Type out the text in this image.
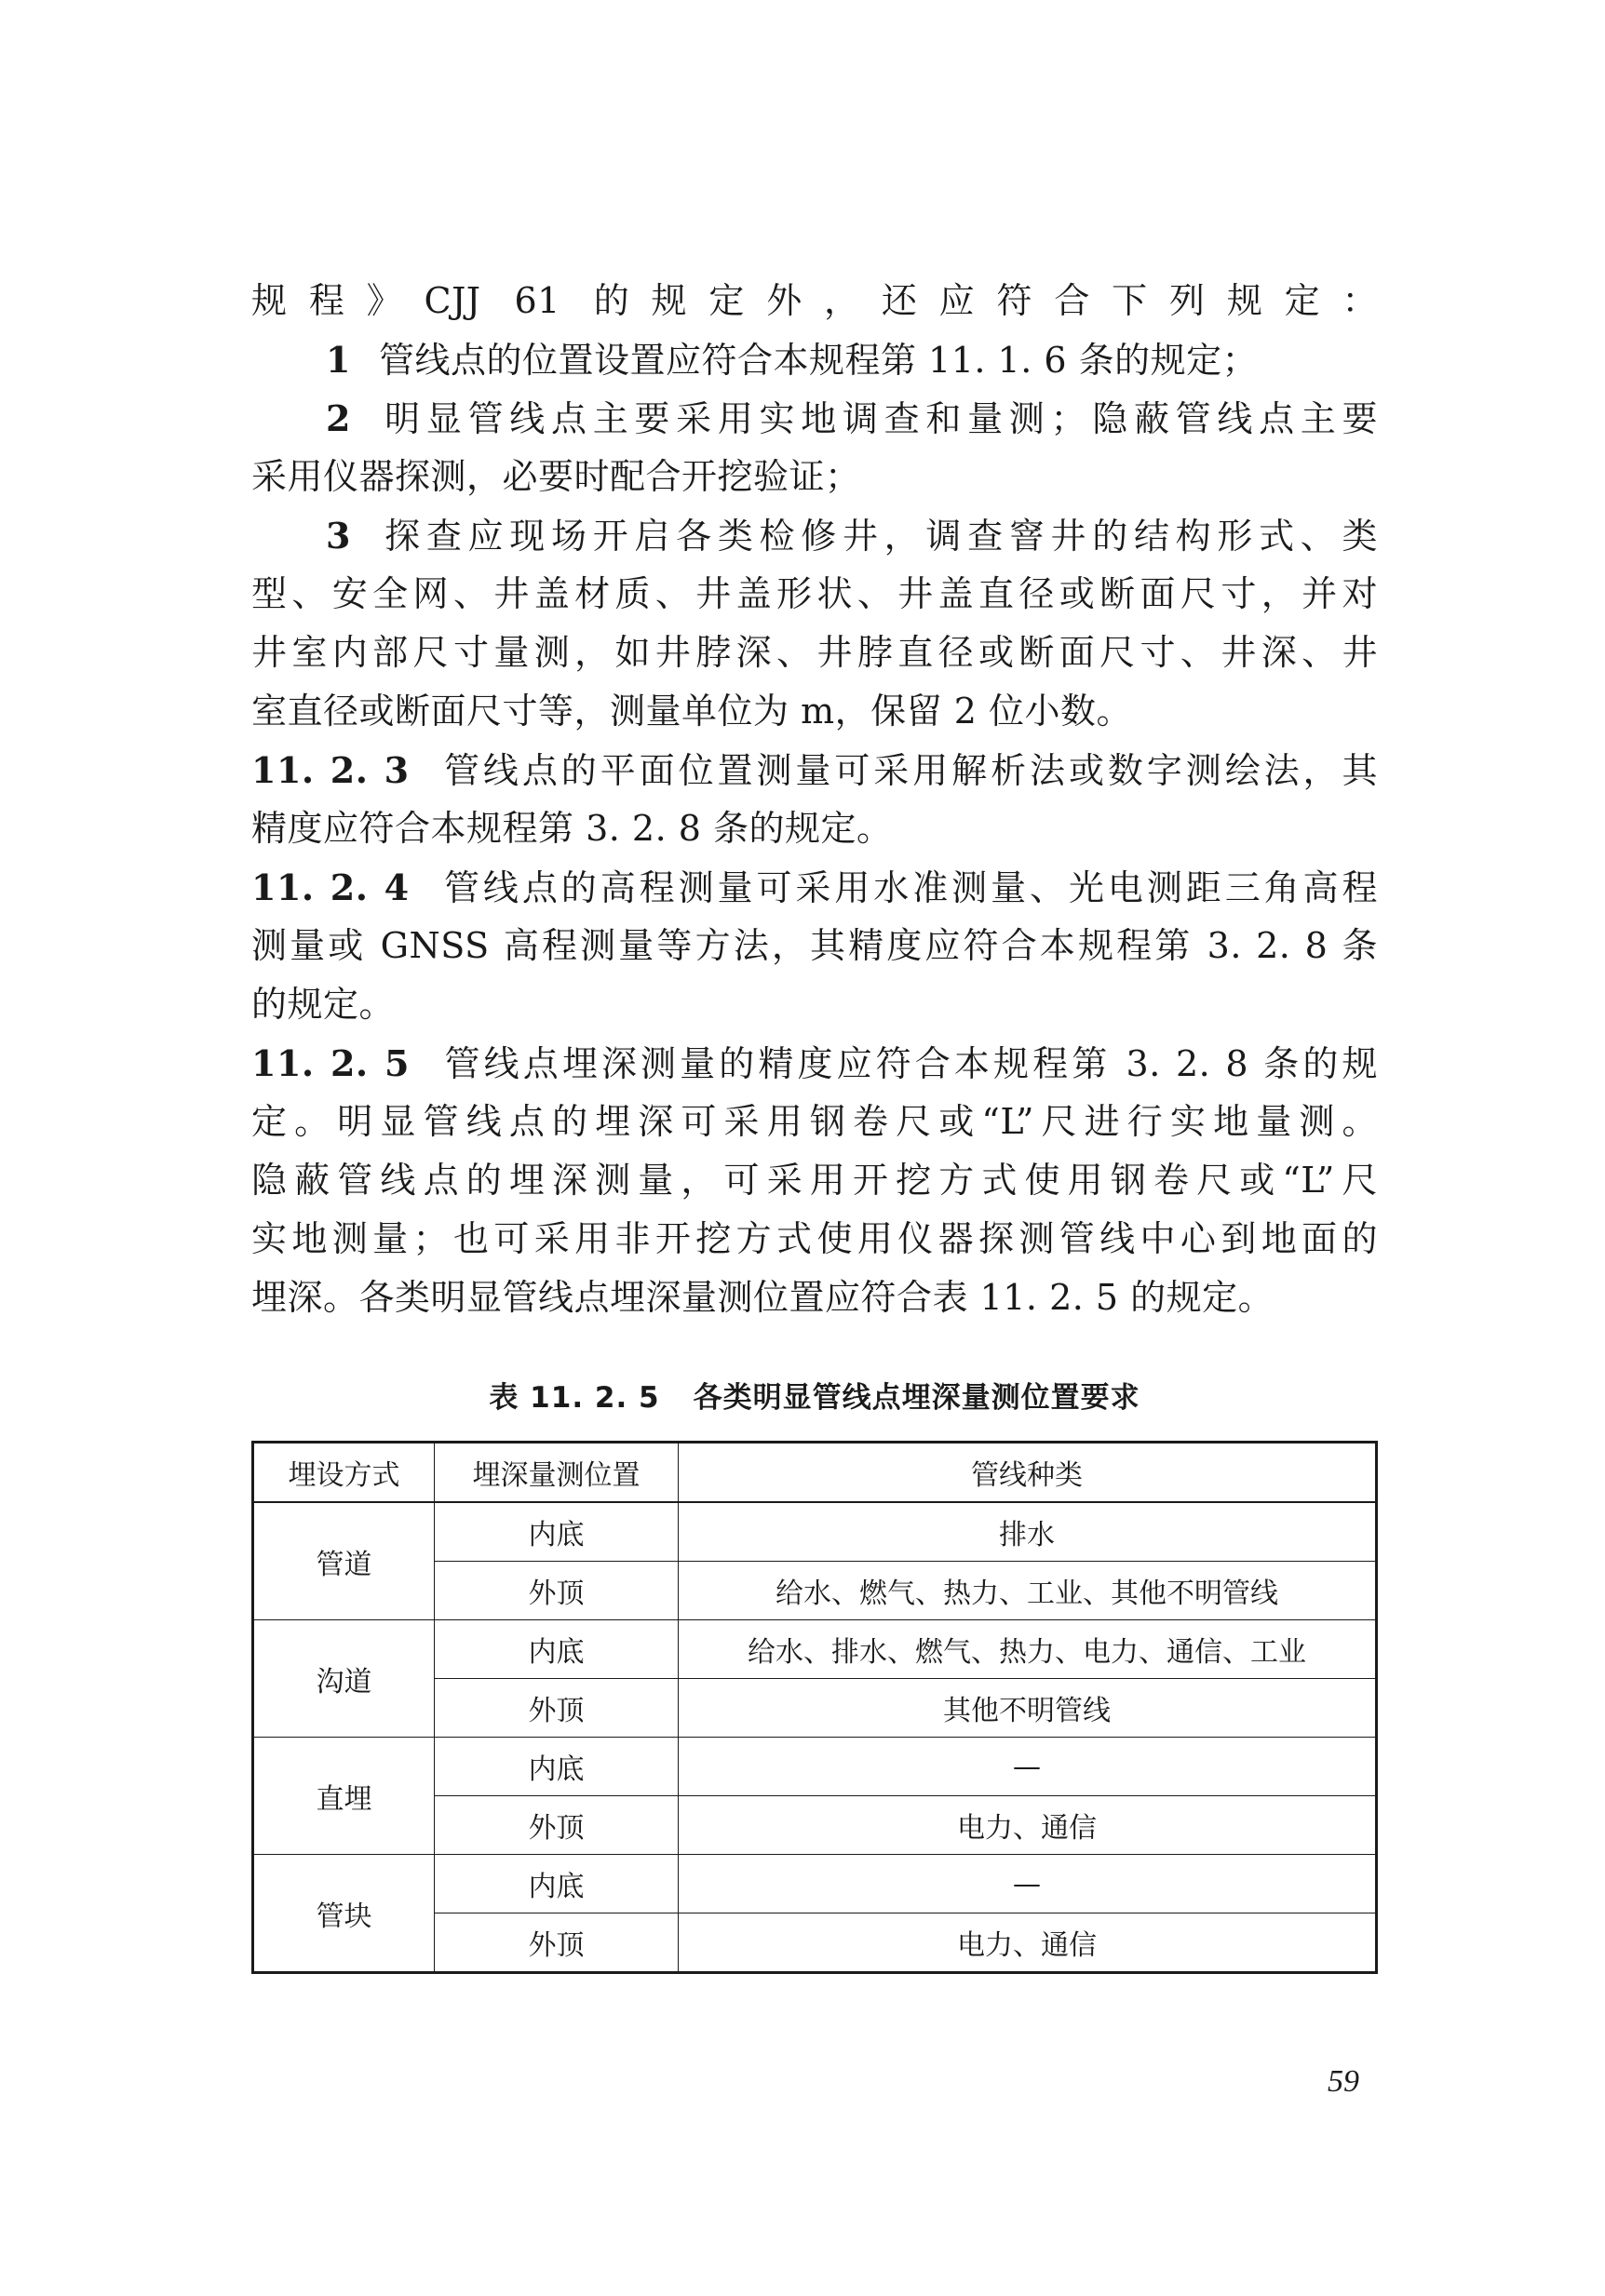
规程》CJJ 61 的规定外，还应符合下列规定：
1 管线点的位置设置应符合本规程第 11. 1. 6 条的规定；
2 明显管线点主要采用实地调查和量测；隐蔽管线点主要
采用仪器探测，必要时配合开挖验证；
3 探查应现场开启各类检修井，调查窨井的结构形式、类
型、安全网、井盖材质、井盖形状、井盖直径或断面尺寸，并对
井室内部尺寸量测，如井脖深、井脖直径或断面尺寸、井深、井
室直径或断面尺寸等，测量单位为 m，保留 2 位小数。
11. 2. 3 管线点的平面位置测量可采用解析法或数字测绘法，其
精度应符合本规程第 3. 2. 8 条的规定。
11. 2. 4 管线点的高程测量可采用水准测量、光电测距三角高程
测量或 GNSS 高程测量等方法，其精度应符合本规程第 3. 2. 8 条
的规定。
11. 2. 5 管线点埋深测量的精度应符合本规程第 3. 2. 8 条的规
定。明显管线点的埋深可采用钢卷尺或“L”尺进行实地量测。
隐蔽管线点的埋深测量，可采用开挖方式使用钢卷尺或“L”尺
实地测量；也可采用非开挖方式使用仪器探测管线中心到地面的
埋深。各类明显管线点埋深量测位置应符合表 11. 2. 5 的规定。
表 11. 2. 5 各类明显管线点埋深量测位置要求
埋设方式	埋深量测位置	管线种类
管道	内底	排水
	外顶	给水、燃气、热力、工业、其他不明管线
沟道	内底	给水、排水、燃气、热力、电力、通信、工业
	外顶	其他不明管线
直埋	内底	—
	外顶	电力、通信
管块	内底	—
	外顶	电力、通信
59
